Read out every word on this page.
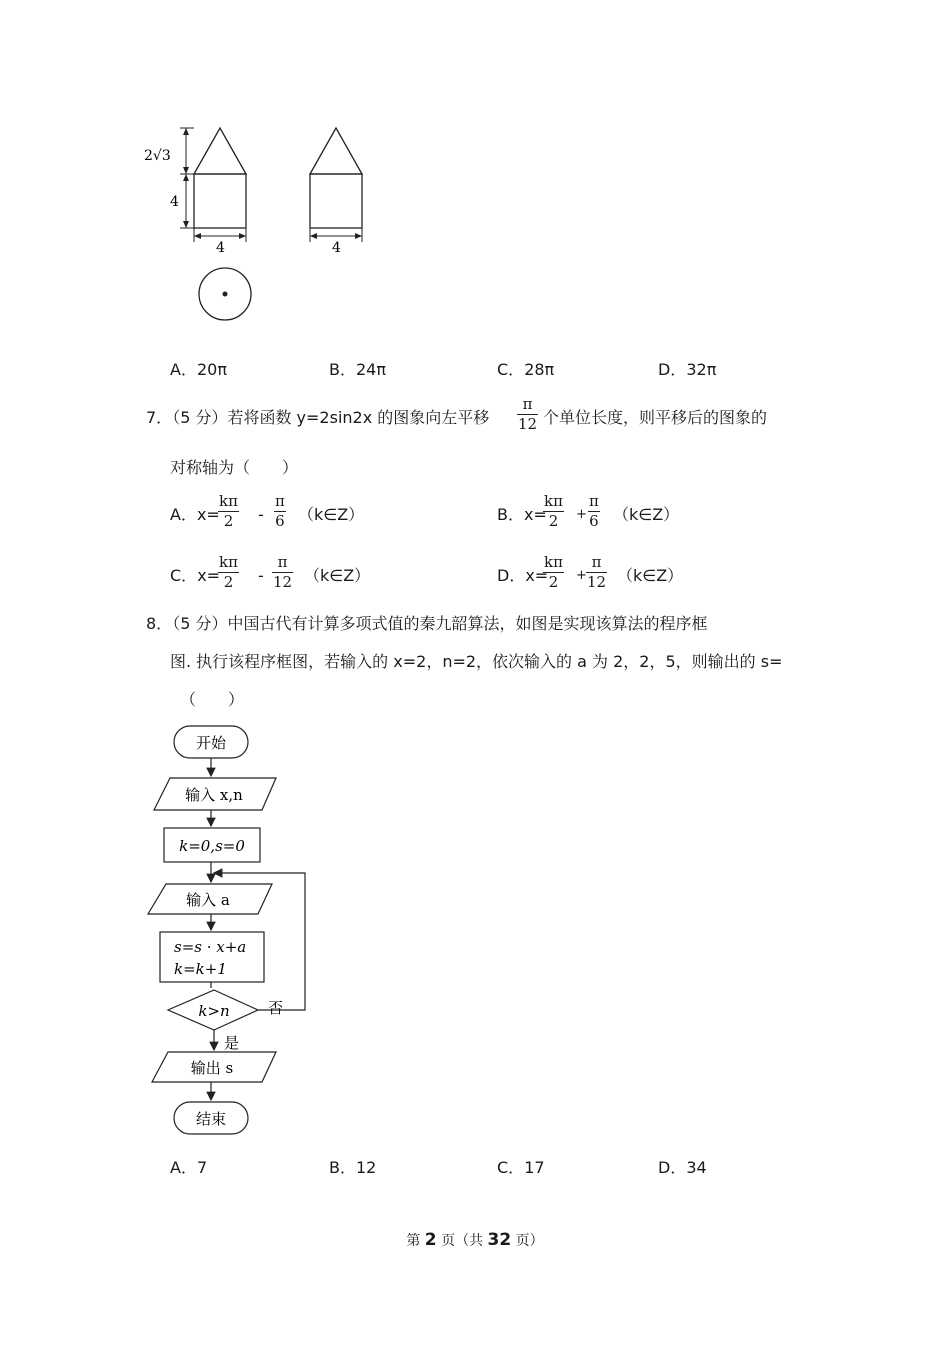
2√3
4
4	4
A．20π	B．24π	C．28π	D．32π
7．（5 分）若将函数 y=2sin2x 的图象向左平移
π
12 个单位长度，则平移后的图象的
对称轴为（　　）
A．x=
kπ
2 -
π
6 （k∈Z）	B．x=
kπ
2 +
π
6 （k∈Z）
C．x=
kπ
2 -
π
12 （k∈Z）	D．x=
kπ
2 +
π
12 （k∈Z）
8．（5 分）中国古代有计算多项式值的秦九韶算法，如图是实现该算法的程序框
图. 执行该程序框图，若输入的 x=2，n=2，依次输入的 a 为 2，2，5，则输出的 s=
（　　）
开始
输入 x,n
k=0,s=0
输入 a
s=s · x+a
k=k+1
k>n	否
是
输出 s
结束
A．7	B．12	C．17	D．34
第 2 页（共 32 页）
